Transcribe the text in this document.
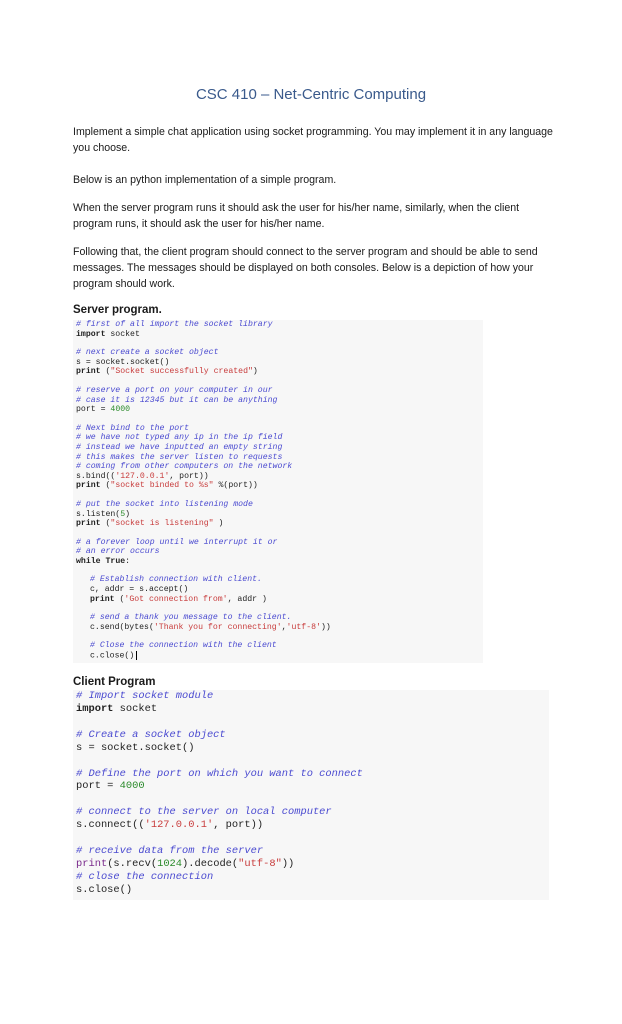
CSC 410 – Net-Centric Computing

Implement a simple chat application using socket programming. You may implement it in any language you choose.

Below is an python implementation of a simple program.

When the server program runs it should ask the user for his/her name, similarly, when the client program runs, it should ask the user for his/her name.

Following that, the client program should connect to the server program and should be able to send messages. The messages should be displayed on both consoles. Below is a depiction of how your program should work.

Server program.
# first of all import the socket library
import socket
# next create a socket object
s = socket.socket()
print ("Socket successfully created")
# reserve a port on your computer in our
# case it is 12345 but it can be anything
port = 4000
# Next bind to the port
# we have not typed any ip in the ip field
# instead we have inputted an empty string
# this makes the server listen to requests
# coming from other computers on the network
s.bind(('127.0.0.1', port))
print ("socket binded to %s" %(port))
# put the socket into listening mode
s.listen(5)
print ("socket is listening" )
# a forever loop until we interrupt it or
# an error occurs
while True:
# Establish connection with client.
c, addr = s.accept()
print ('Got connection from', addr )
# send a thank you message to the client.
c.send(bytes('Thank you for connecting','utf-8'))
# Close the connection with the client
c.close()
Client Program
# Import socket module
import socket
# Create a socket object
s = socket.socket()
# Define the port on which you want to connect
port = 4000
# connect to the server on local computer
s.connect(('127.0.0.1', port))
# receive data from the server
print(s.recv(1024).decode("utf-8"))
# close the connection
s.close()
